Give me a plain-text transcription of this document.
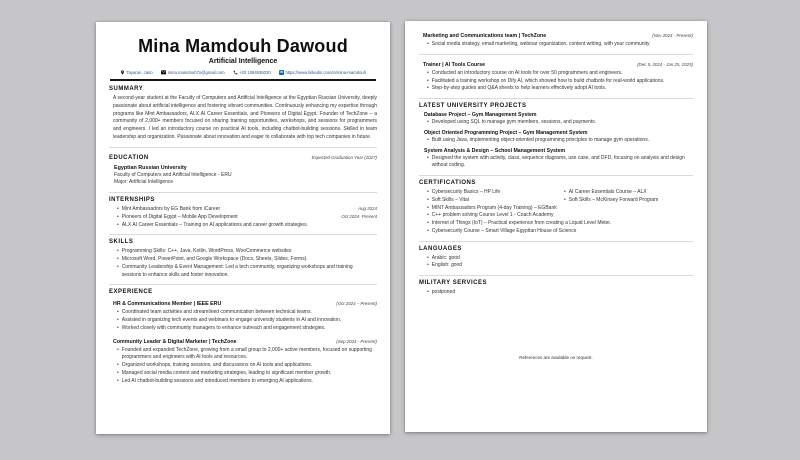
Mina Mamdouh Dawoud
Artificial Intelligence
Tayaran, cairo	mina.mamdouh7o@gmail.com	+20 1094936030 in https://www.linkedin.com/in/mina-mamdouh
SUMMARY

A second-year student at the Faculty of Computers and Artificial Intelligence at the Egyptian Russian University, deeply passionate about artificial intelligence and fostering vibrant communities. Continuously enhancing my expertise through programs like Mint Ambassadors, ALX AI Career Essentials, and Pioneers of Digital Egypt. Founder of TechZone – a community of 2,000+ members focused on sharing training opportunities, workshops, and sessions for programmers and engineers. I led an introductory course on practical AI tools, including chatbot-building sessions. Skilled in team leadership and organization. Passionate about innovation and eager to collaborate with top tech companies in future.

EDUCATION	Expected Graduation Year (2027)
Egyptian Russian University
Faculty of Computers and Artificial Intelligence - ERU
Major: Artificial Intelligence
INTERNSHIPS
• Mint Ambassadors by EG Bank from iCareer	Aug 2024
• Pioneers of Digital Egypt – Mobile App Development	Oct 2024- Present
• ALX AI Career Essentials – Training on AI applications and career growth strategies.
SKILLS
• Programming Skills: C++, Java, Kotlin, WordPress, WooCommerce websites
• Microsoft Word, PowerPoint, and Google Workspace (Docs, Sheets, Slides, Forms).
• Community Leadership & Event Management: Led a tech community, organizing workshops and training sessions to enhance skills and foster innovation.
EXPERIENCE
HR & Communications Member | IEEE ERU	(Oct 2024 – Present)
• Coordinated team activities and streamlined communication between technical teams.
• Assisted in organizing tech events and webinars to engage university students in AI and innovation.
• Worked closely with community managers to enhance outreach and engagement strategies.
Community Leader & Digital Marketer | TechZone	(Sep 2024 - Present)
• Founded and expanded TechZone, growing from a small group to 2,000+ active members, focused on supporting programmers and engineers with AI tools and resources.
• Organized workshops, training sessions, and discussions on AI tools and applications.
• Managed social media content and marketing strategies, leading to significant member growth.
• Led AI chatbot-building sessions and introduced members to emerging AI applications.
Marketing and Communications team | TechZone	(Nov 2024 - Present)
• Social media strategy, email marketing, webinar organization, content writing, with your community
Trainer | AI Tools Course	(Dec 5, 2024 - Jan 25, 2025)
• Conducted an introductory course on AI tools for over 50 programmers and engineers.
• Facilitated a training workshop on Dify AI, which showed how to build chatbots for real-world applications.
• Step-by-step guides and Q&A sheets to help learners effectively adopt AI tools.
LATEST UNIVERSITY PROJECTS
Database Project – Gym Management System
• Developed using SQL to manage gym members, sessions, and payments.
Object Oriented Programming Project – Gym Management System
• Built using Java, implementing object-oriented programming principles to manage gym operations.
System Analysis & Design – School Management System
• Designed the system with activity, class, sequence diagrams, use case, and DFD, focusing on analysis and design without coding.
CERTIFICATIONS
• Cybersecurity Basics – HP Life
• Soft Skills – Vital
• AI Career Essentials Course – ALX
• Soft Skills – McKinsey Forward Program
• MINT Ambassadors Program (4-day Training) – EGBank
• C++ problem solving Course Level 1 - Coach Academy
• Internet of Things (IoT) – Practical experience from creating a Liquid Level Meter.
• Cybersecurity Course – Smart Village Egyptian House of Science
LANGUAGES
• Arabic: good
• English: good
MILITARY SERVICES
• postponed
References are available on request.
